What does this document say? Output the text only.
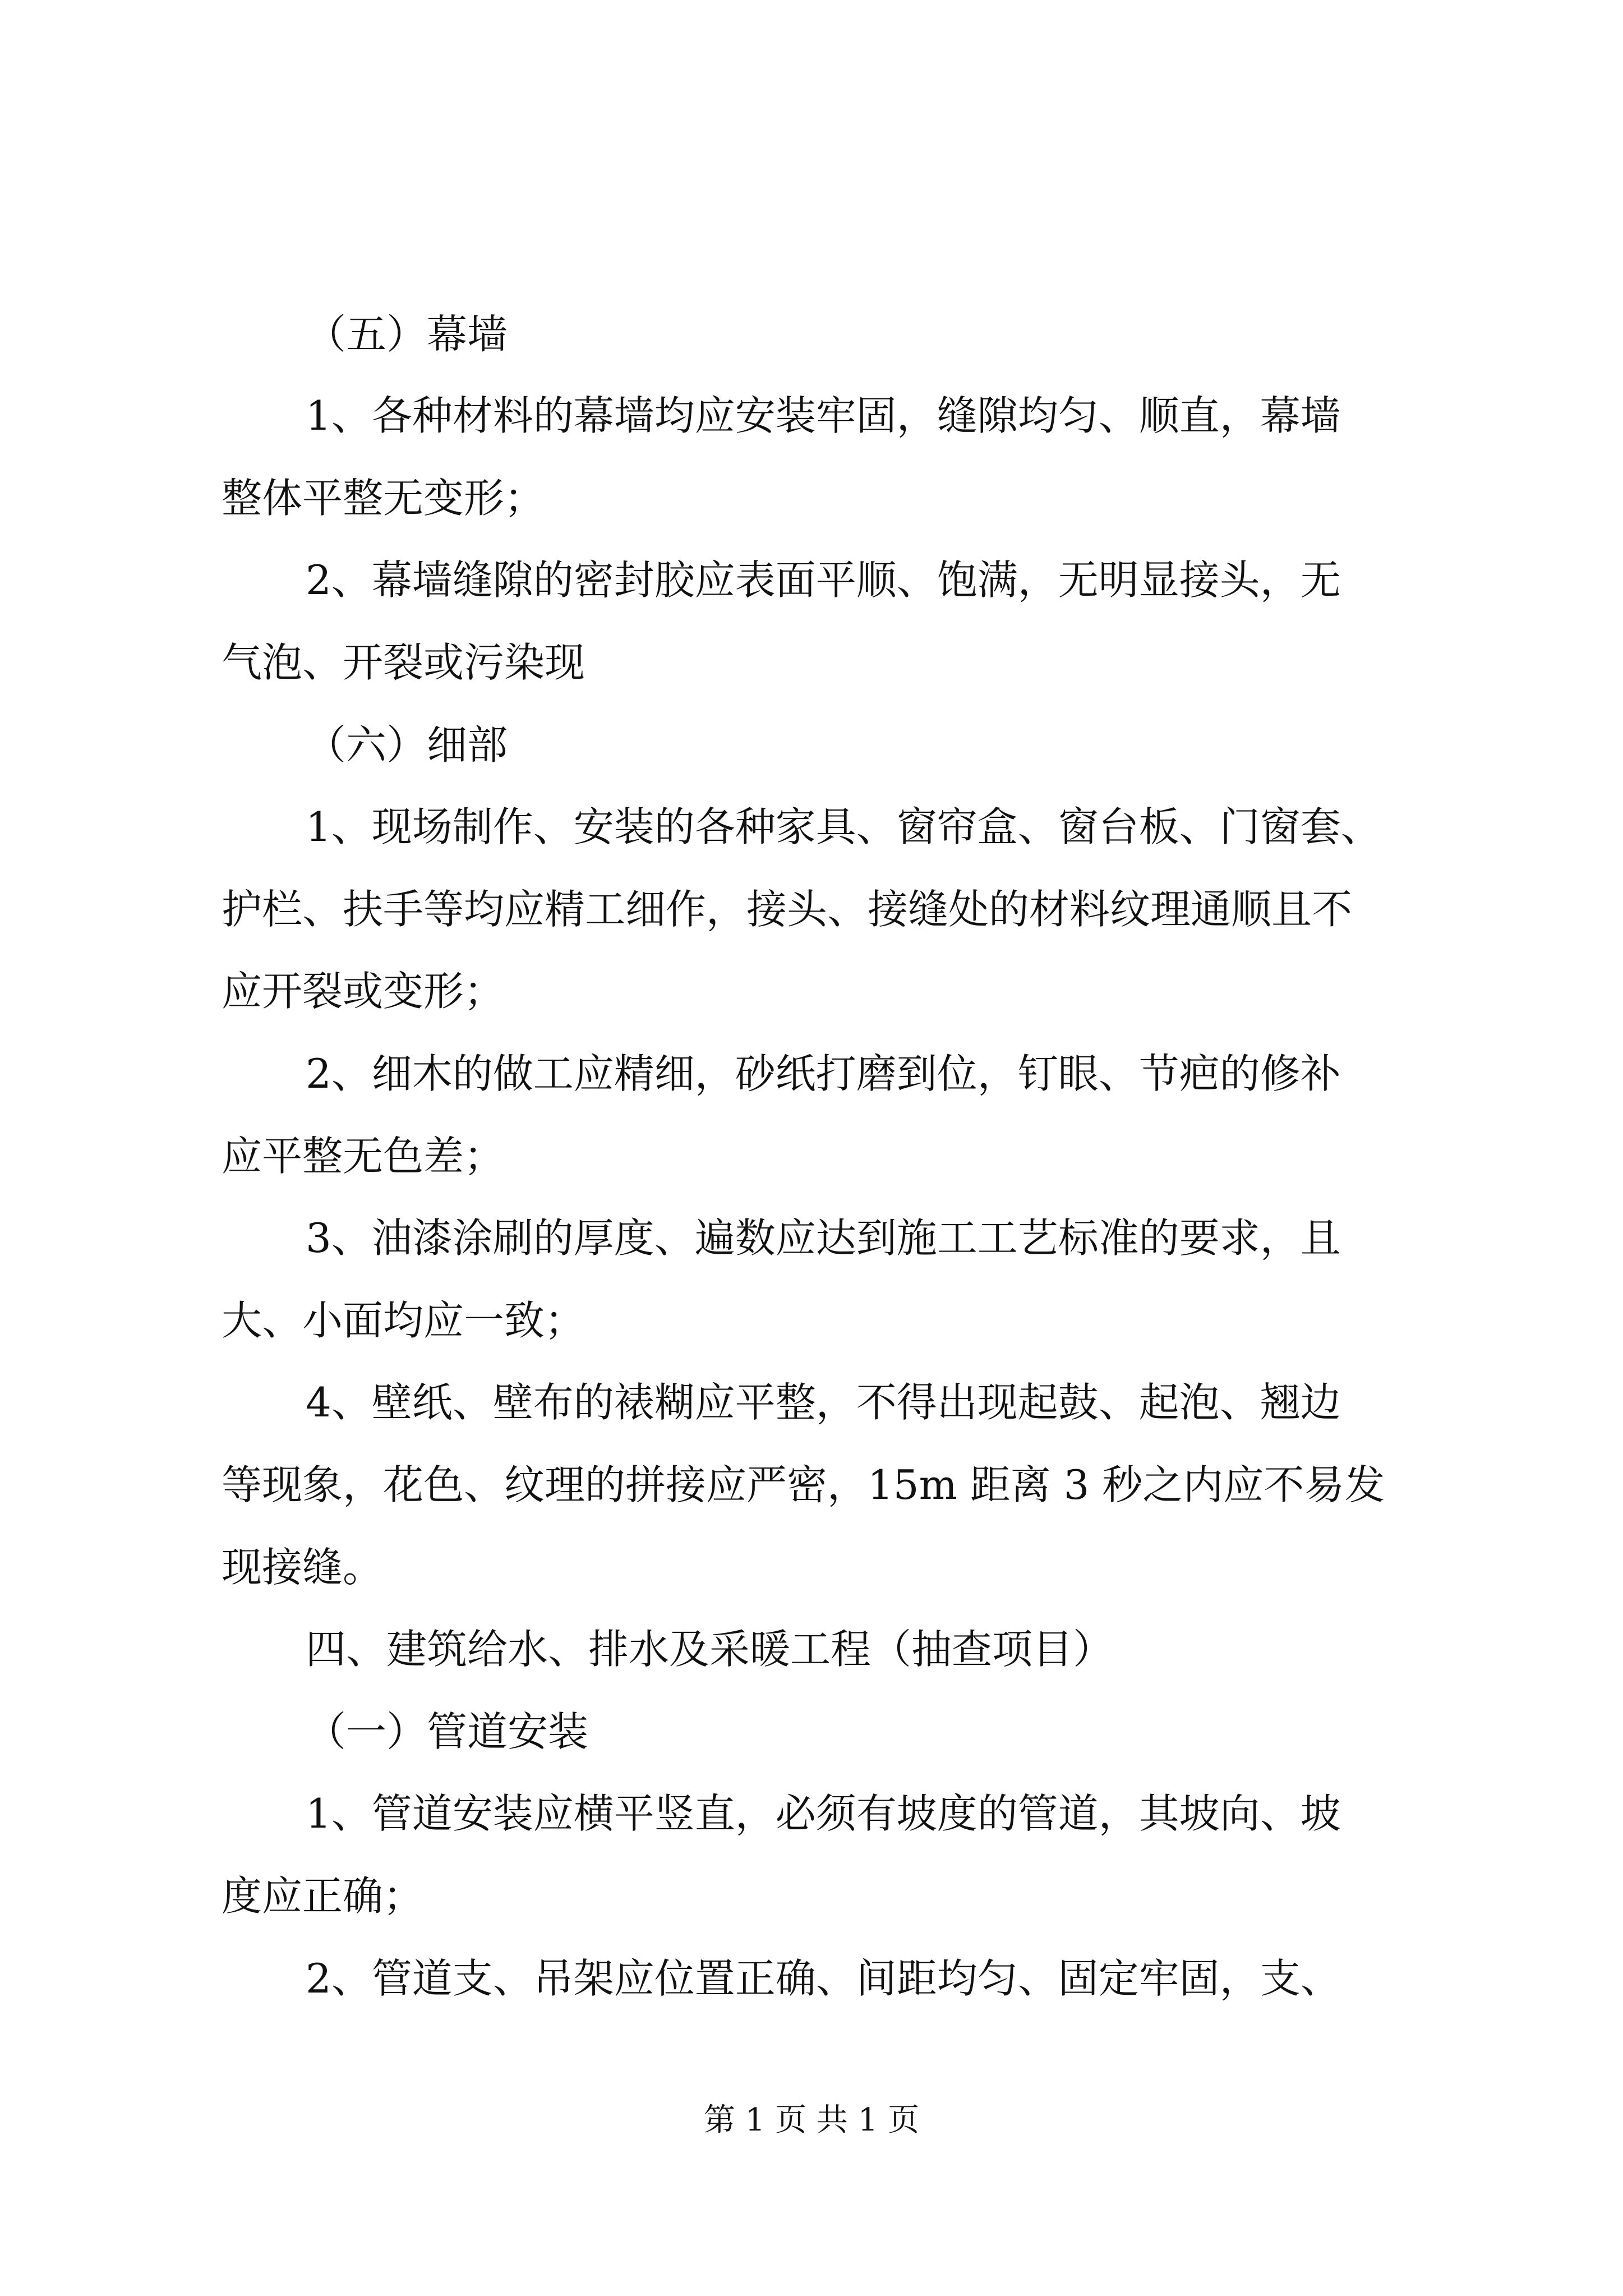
（五）幕墙
1、各种材料的幕墙均应安装牢固，缝隙均匀、顺直，幕墙
整体平整无变形；
2、幕墙缝隙的密封胶应表面平顺、饱满，无明显接头，无
气泡、开裂或污染现
（六）细部
1、现场制作、安装的各种家具、窗帘盒、窗台板、门窗套、
护栏、扶手等均应精工细作，接头、接缝处的材料纹理通顺且不
应开裂或变形；
2、细木的做工应精细，砂纸打磨到位，钉眼、节疤的修补
应平整无色差；
3、油漆涂刷的厚度、遍数应达到施工工艺标准的要求，且
大、小面均应一致；
4、壁纸、壁布的裱糊应平整，不得出现起鼓、起泡、翘边
等现象，花色、纹理的拼接应严密，15m 距离 3 秒之内应不易发
现接缝。
四、建筑给水、排水及采暖工程（抽查项目）
（一）管道安装
1、管道安装应横平竖直，必须有坡度的管道，其坡向、坡
度应正确；
2、管道支、吊架应位置正确、间距均匀、固定牢固，支、
第 1 页 共 1 页
